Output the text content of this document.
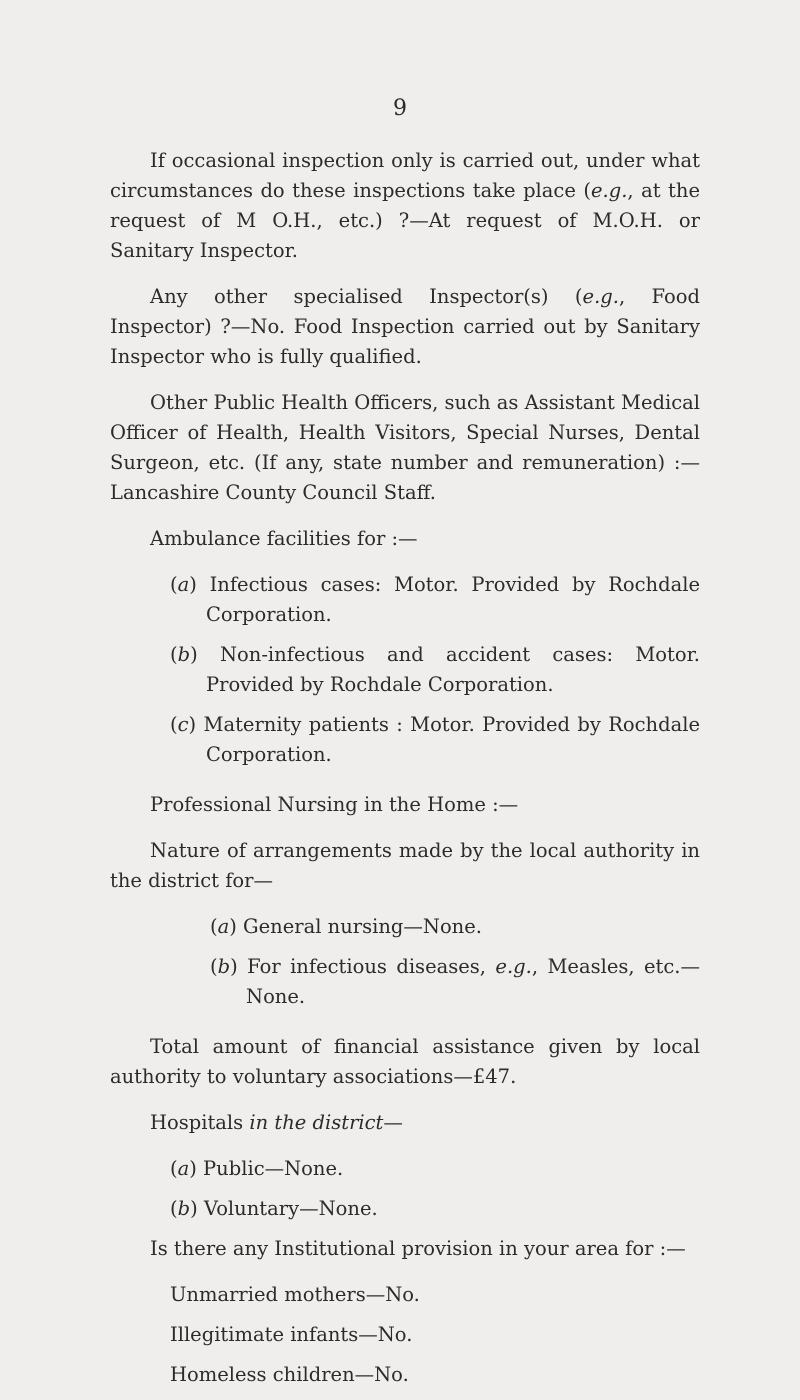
9

If occasional inspection only is carried out, under what circumstances do these inspections take place (e.g., at the request of M O.H., etc.) ?—At request of M.O.H. or Sanitary Inspector.

Any other specialised Inspector(s) (e.g., Food Inspector) ?—No. Food Inspection carried out by Sanitary Inspector who is fully qualified.

Other Public Health Officers, such as Assistant Medical Officer of Health, Health Visitors, Special Nurses, Dental Surgeon, etc. (If any, state number and remuneration) :—Lancashire County Council Staff.

Ambulance facilities for :—

(a) Infectious cases: Motor. Provided by Rochdale Corporation.

(b) Non-infectious and accident cases: Motor. Provided by Rochdale Corporation.

(c) Maternity patients : Motor. Provided by Rochdale Corporation.

Professional Nursing in the Home :—

Nature of arrangements made by the local authority in the district for—

(a) General nursing—None.

(b) For infectious diseases, e.g., Measles, etc.—None.

Total amount of financial assistance given by local authority to voluntary associations—£47.

Hospitals in the district—

(a) Public—None.

(b) Voluntary—None.

Is there any Institutional provision in your area for :—

Unmarried mothers—No.

Illegitimate infants—No.

Homeless children—No.
